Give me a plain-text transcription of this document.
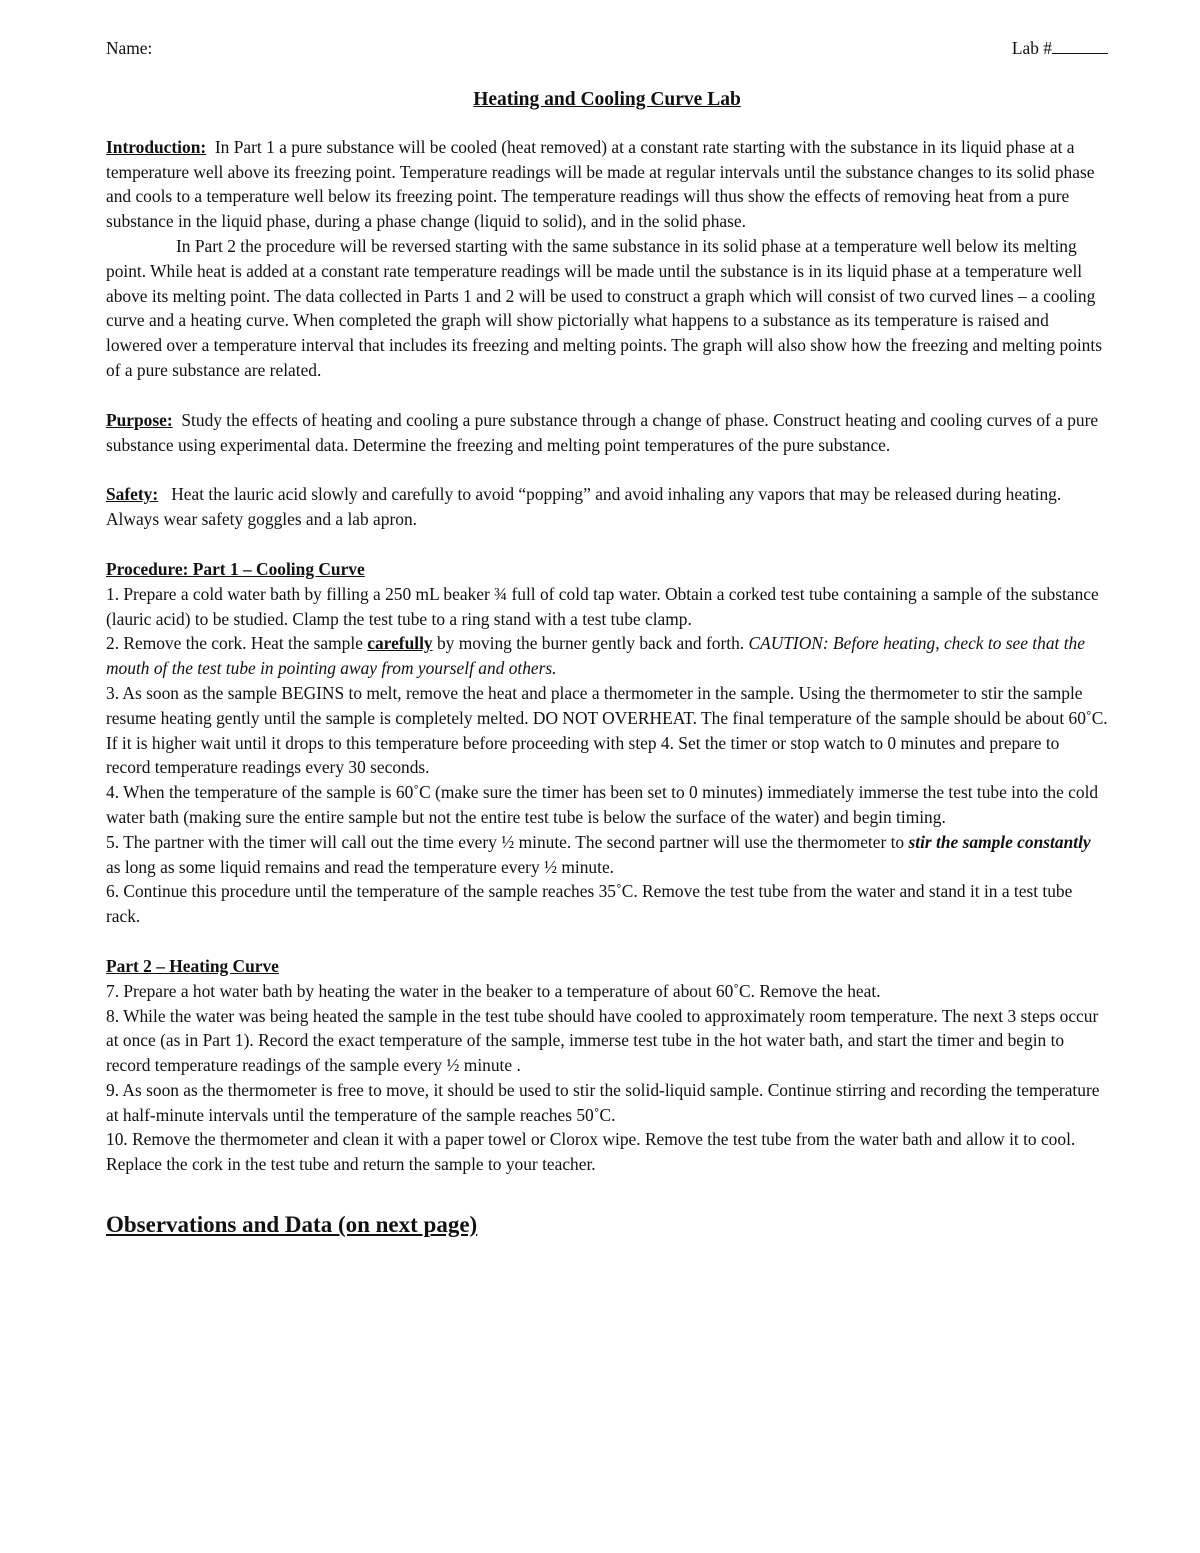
Name:	Lab #
Heating and Cooling Curve Lab

Introduction: In Part 1 a pure substance will be cooled (heat removed) at a constant rate starting with the substance in its liquid phase at a temperature well above its freezing point. Temperature readings will be made at regular intervals until the substance changes to its solid phase and cools to a temperature well below its freezing point. The temperature readings will thus show the effects of removing heat from a pure substance in the liquid phase, during a phase change (liquid to solid), and in the solid phase.

In Part 2 the procedure will be reversed starting with the same substance in its solid phase at a temperature well below its melting point. While heat is added at a constant rate temperature readings will be made until the substance is in its liquid phase at a temperature well above its melting point. The data collected in Parts 1 and 2 will be used to construct a graph which will consist of two curved lines – a cooling curve and a heating curve. When completed the graph will show pictorially what happens to a substance as its temperature is raised and lowered over a temperature interval that includes its freezing and melting points. The graph will also show how the freezing and melting points of a pure substance are related.

Purpose: Study the effects of heating and cooling a pure substance through a change of phase. Construct heating and cooling curves of a pure substance using experimental data. Determine the freezing and melting point temperatures of the pure substance.

Safety: Heat the lauric acid slowly and carefully to avoid “popping” and avoid inhaling any vapors that may be released during heating. Always wear safety goggles and a lab apron.

Procedure: Part 1 – Cooling Curve

1. Prepare a cold water bath by filling a 250 mL beaker ¾ full of cold tap water. Obtain a corked test tube containing a sample of the substance (lauric acid) to be studied. Clamp the test tube to a ring stand with a test tube clamp.

2. Remove the cork. Heat the sample carefully by moving the burner gently back and forth. CAUTION: Before heating, check to see that the mouth of the test tube in pointing away from yourself and others.

3. As soon as the sample BEGINS to melt, remove the heat and place a thermometer in the sample. Using the thermometer to stir the sample resume heating gently until the sample is completely melted. DO NOT OVERHEAT. The final temperature of the sample should be about 60˚C. If it is higher wait until it drops to this temperature before proceeding with step 4. Set the timer or stop watch to 0 minutes and prepare to record temperature readings every 30 seconds.

4. When the temperature of the sample is 60˚C (make sure the timer has been set to 0 minutes) immediately immerse the test tube into the cold water bath (making sure the entire sample but not the entire test tube is below the surface of the water) and begin timing.

5. The partner with the timer will call out the time every ½ minute. The second partner will use the thermometer to stir the sample constantly as long as some liquid remains and read the temperature every ½ minute.

6. Continue this procedure until the temperature of the sample reaches 35˚C. Remove the test tube from the water and stand it in a test tube rack.

Part 2 – Heating Curve

7. Prepare a hot water bath by heating the water in the beaker to a temperature of about 60˚C. Remove the heat.

8. While the water was being heated the sample in the test tube should have cooled to approximately room temperature. The next 3 steps occur at once (as in Part 1). Record the exact temperature of the sample, immerse test tube in the hot water bath, and start the timer and begin to record temperature readings of the sample every ½ minute .

9. As soon as the thermometer is free to move, it should be used to stir the solid-liquid sample. Continue stirring and recording the temperature at half-minute intervals until the temperature of the sample reaches 50˚C.

10. Remove the thermometer and clean it with a paper towel or Clorox wipe. Remove the test tube from the water bath and allow it to cool. Replace the cork in the test tube and return the sample to your teacher.

Observations and Data (on next page)
